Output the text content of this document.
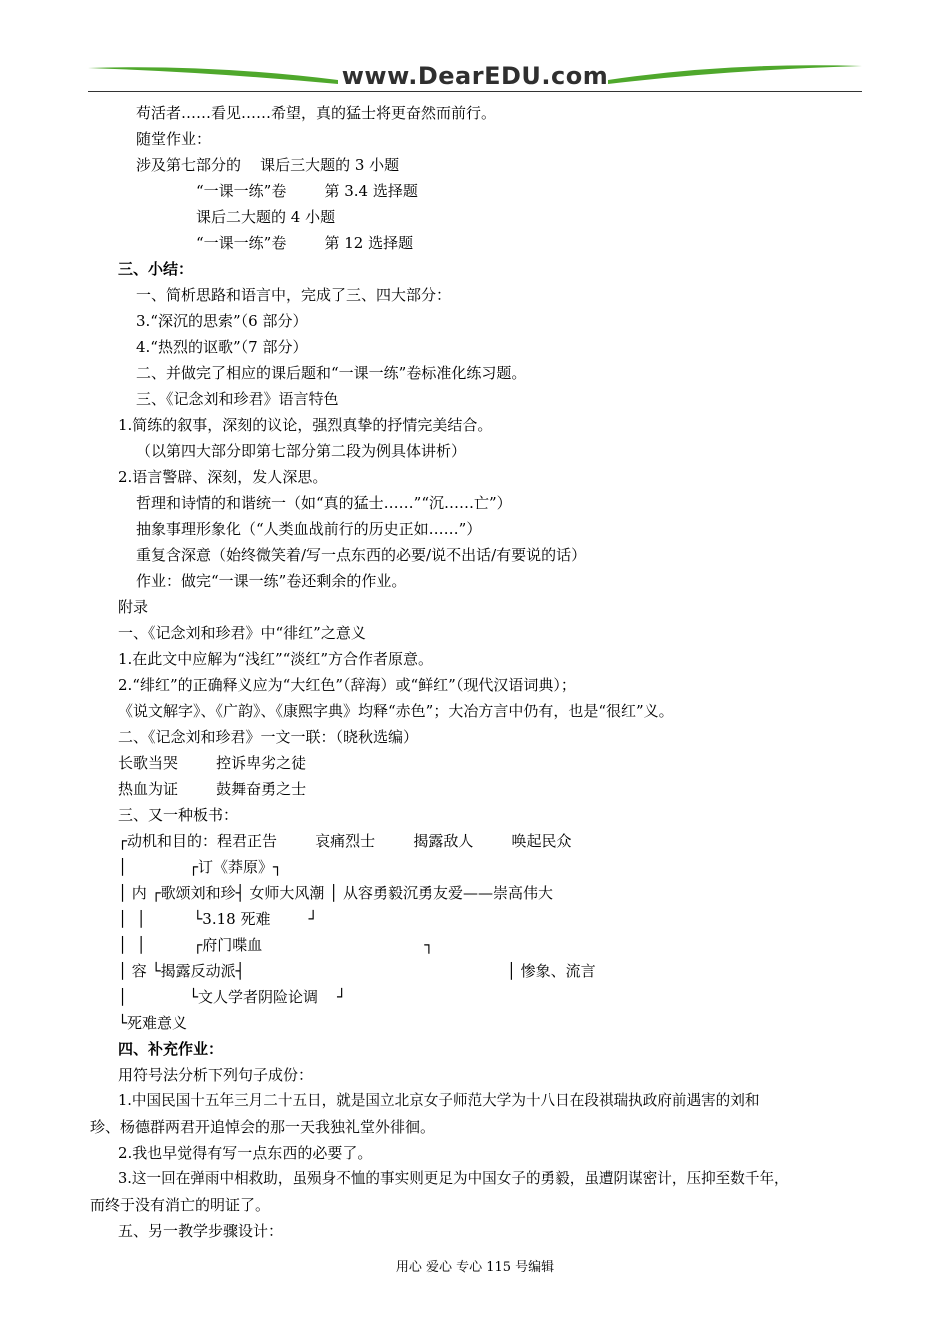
www.DearEDU.com

苟活者……看见……希望，真的猛士将更奋然而前行。

随堂作业：

涉及第七部分的    课后三大题的 3 小题

“一课一练”卷        第 3.4 选择题

课后二大题的 4 小题

“一课一练”卷        第 12 选择题

三、小结：

一、简析思路和语言中，完成了三、四大部分：

3.“深沉的思索”（6 部分）

4.“热烈的讴歌”（7 部分）

二、并做完了相应的课后题和“一课一练”卷标准化练习题。

三、《记念刘和珍君》语言特色

1.简练的叙事，深刻的议论，强烈真挚的抒情完美结合。

（以第四大部分即第七部分第二段为例具体讲析）

2.语言警辟、深刻，发人深思。

哲理和诗情的和谐统一（如“真的猛士……”“沉……亡”）

抽象事理形象化（“人类血战前行的历史正如……”）

重复含深意（始终微笑着/写一点东西的必要/说不出话/有要说的话）

作业：做完“一课一练”卷还剩余的作业。

附录

一、《记念刘和珍君》中“徘红”之意义

1.在此文中应解为“浅红”“淡红”方合作者原意。

2.“绯红”的正确释义应为“大红色”（辞海）或“鲜红”（现代汉语词典）；

《说文解字》、《广韵》、《康熙字典》均释“赤色”；大冶方言中仍有，也是“很红”义。

二、《记念刘和珍君》一文一联：（晓秋选编）

长歌当哭        控诉卑劣之徒

热血为证        鼓舞奋勇之士

三、又一种板书：

┌动机和目的：程君正告        哀痛烈士        揭露敌人        唤起民众

│             ┌订《莽原》┐

│ 内 ┌歌颂刘和珍┤ 女师大风潮 │ 从容勇毅沉勇友爱——崇高伟大

│  │          └3.18 死难        ┘

│  │          ┌府门喋血                                  ┐

│ 容 └揭露反动派┤                                                       │ 惨象、流言

│             └文人学者阴险论调    ┘

└死难意义

四、补充作业：

用符号法分析下列句子成份：

1.中国民国十五年三月二十五日，就是国立北京女子师范大学为十八日在段祺瑞执政府前遇害的刘和

珍、杨德群两君开追悼会的那一天我独礼堂外徘徊。

2.我也早觉得有写一点东西的必要了。

3.这一回在弹雨中相救助，虽殒身不恤的事实则更足为中国女子的勇毅，虽遭阴谋密计，压抑至数千年，

而终于没有消亡的明证了。

五、另一教学步骤设计：

用心 爱心 专心 115 号编辑
